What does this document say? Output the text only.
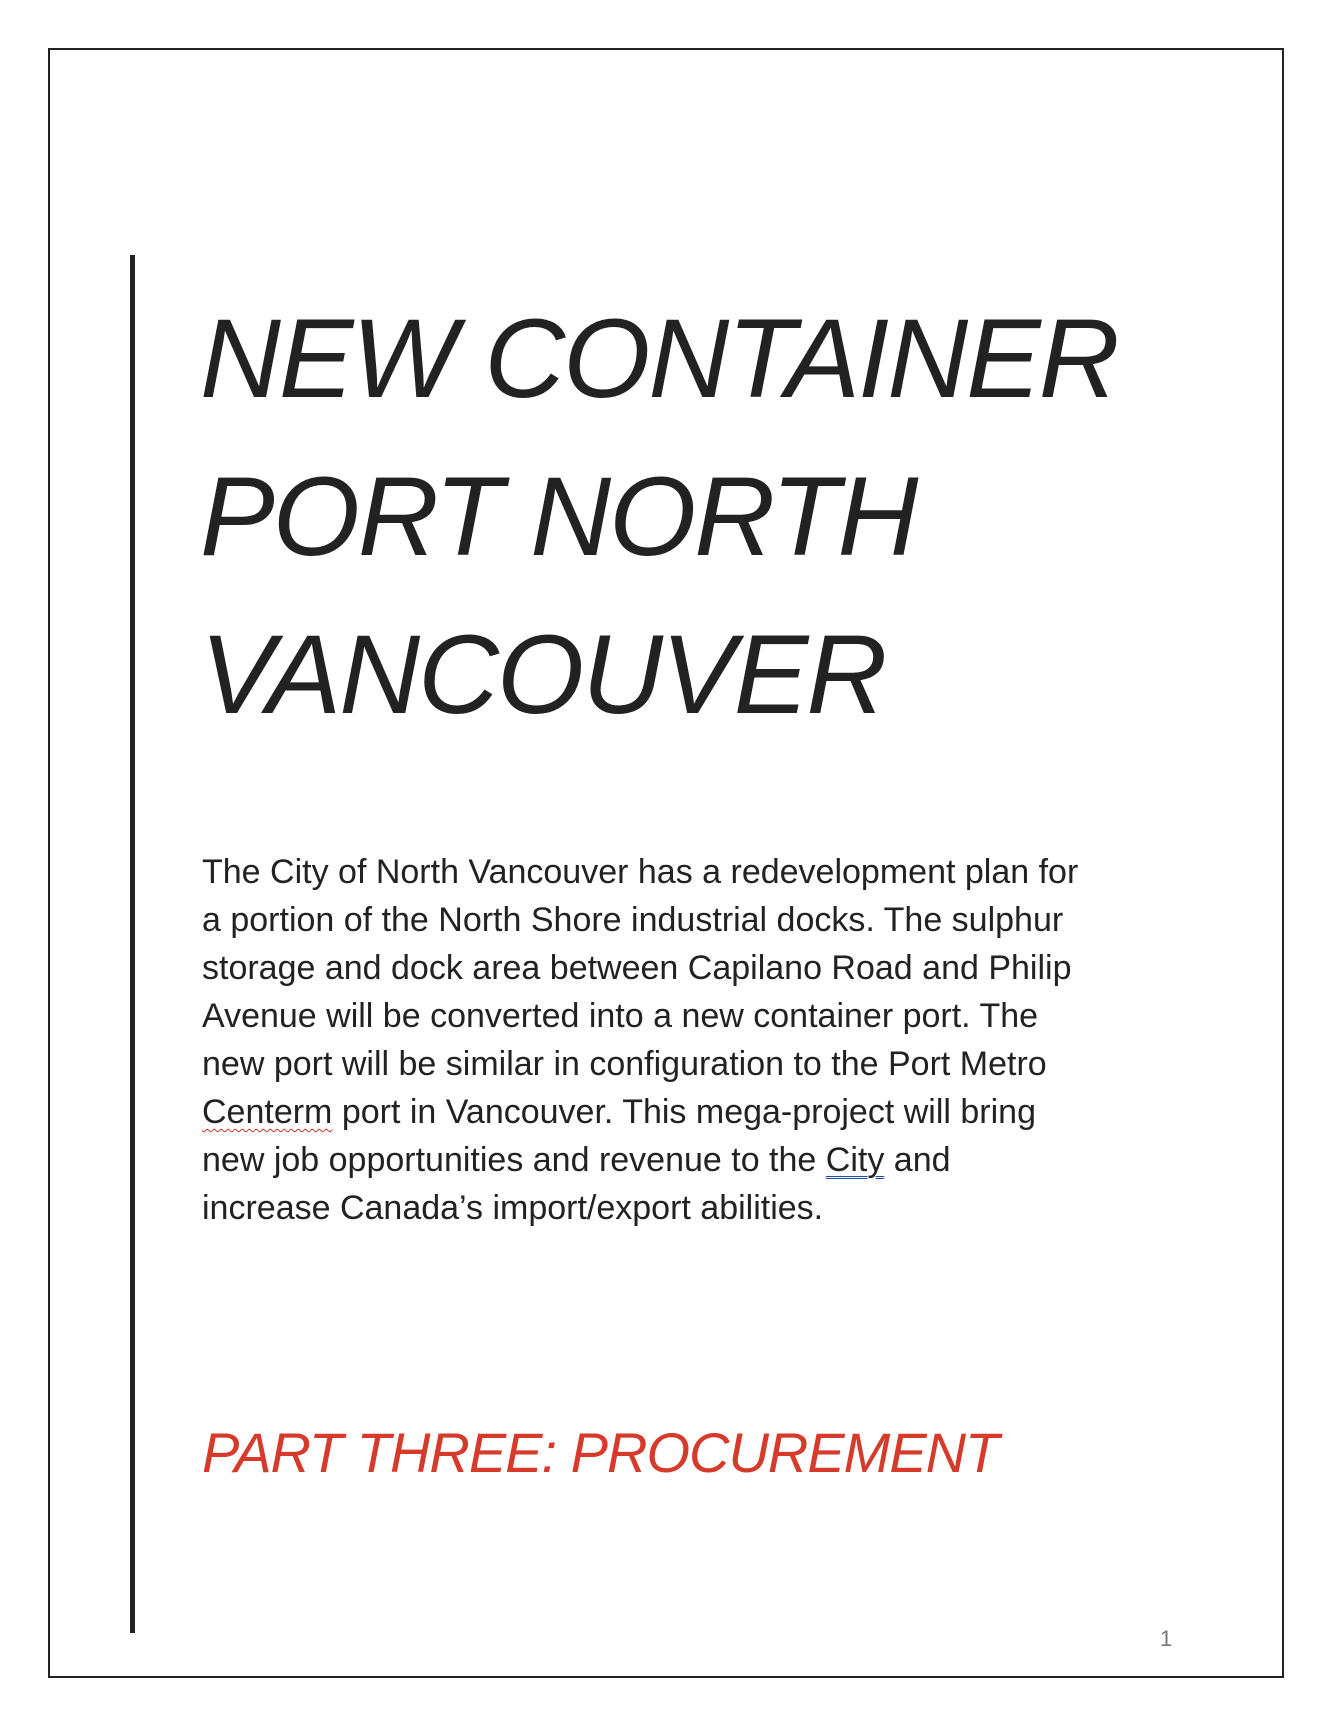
NEW CONTAINER
PORT NORTH
VANCOUVER

The City of North Vancouver has a redevelopment plan for
a portion of the North Shore industrial docks. The sulphur
storage and dock area between Capilano Road and Philip
Avenue will be converted into a new container port. The
new port will be similar in configuration to the Port Metro
Centerm port in Vancouver. This mega-project will bring
new job opportunities and revenue to the City and
increase Canada’s import/export abilities.

PART THREE: PROCUREMENT
1
